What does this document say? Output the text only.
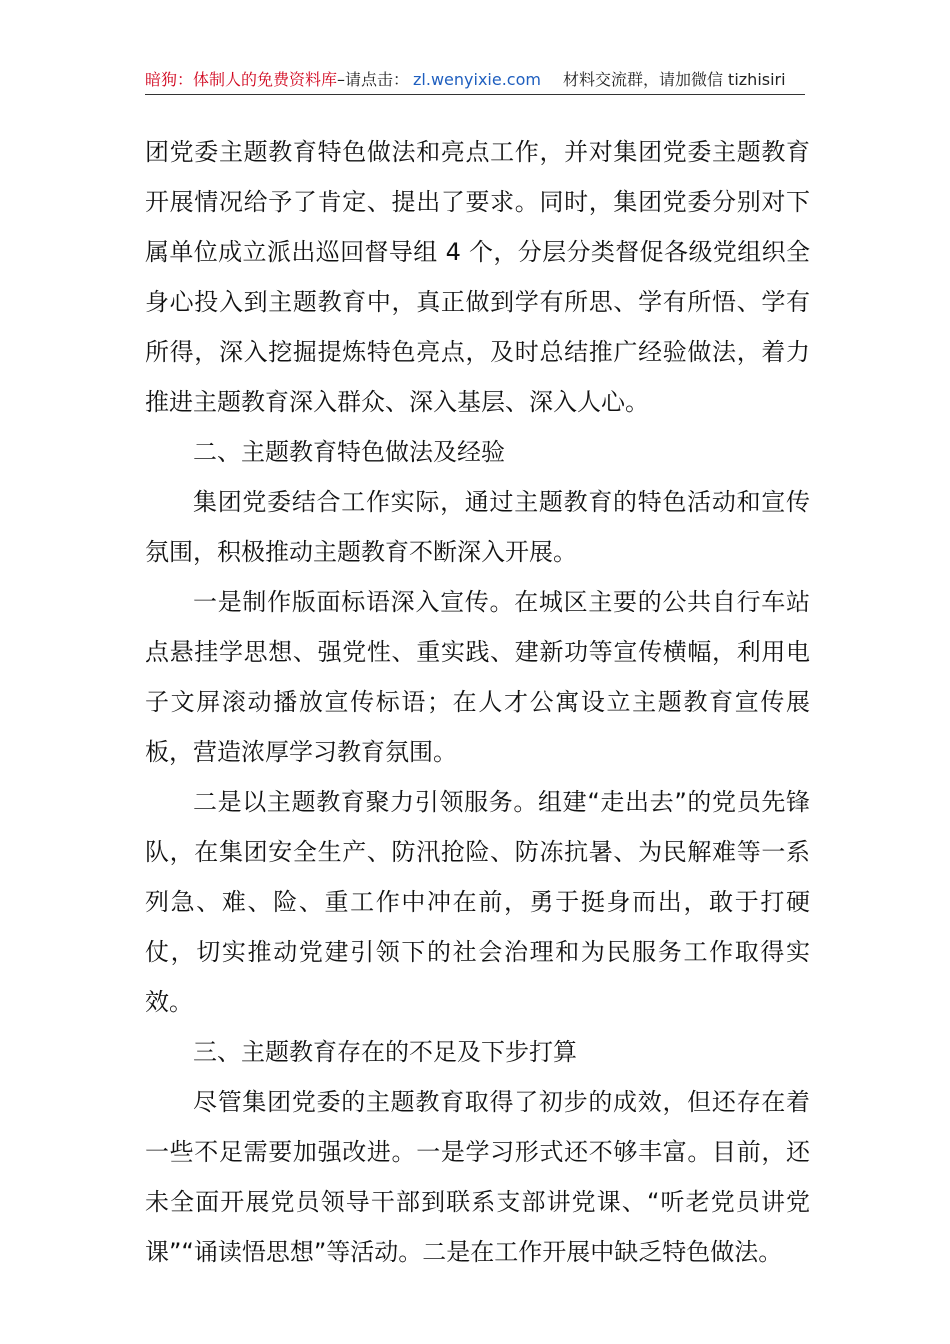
暗狗：体制人的免费资料库 –请点击： zl.wenyixie.com 材料交流群，请加微信 tizhisiri

团党委主题教育特色做法和亮点工作，并对集团党委主题教育开展情况给予了肯定、提出了要求。同时，集团党委分别对下属单位成立派出巡回督导组 4 个，分层分类督促各级党组织全身心投入到主题教育中，真正做到学有所思、学有所悟、学有所得，深入挖掘提炼特色亮点，及时总结推广经验做法，着力推进主题教育深入群众、深入基层、深入人心。

二、主题教育特色做法及经验

集团党委结合工作实际，通过主题教育的特色活动和宣传氛围，积极推动主题教育不断深入开展。

一是制作版面标语深入宣传。在城区主要的公共自行车站点悬挂学思想、强党性、重实践、建新功等宣传横幅，利用电子文屏滚动播放宣传标语；在人才公寓设立主题教育宣传展板，营造浓厚学习教育氛围。

二是以主题教育聚力引领服务。组建“走出去”的党员先锋队，在集团安全生产、防汛抢险、防冻抗暑、为民解难等一系列急、难、险、重工作中冲在前，勇于挺身而出，敢于打硬仗，切实推动党建引领下的社会治理和为民服务工作取得实效。

三、主题教育存在的不足及下步打算

尽管集团党委的主题教育取得了初步的成效，但还存在着一些不足需要加强改进。一是学习形式还不够丰富。目前，还未全面开展党员领导干部到联系支部讲党课、“听老党员讲党课”“诵读悟思想”等活动。二是在工作开展中缺乏特色做法。
